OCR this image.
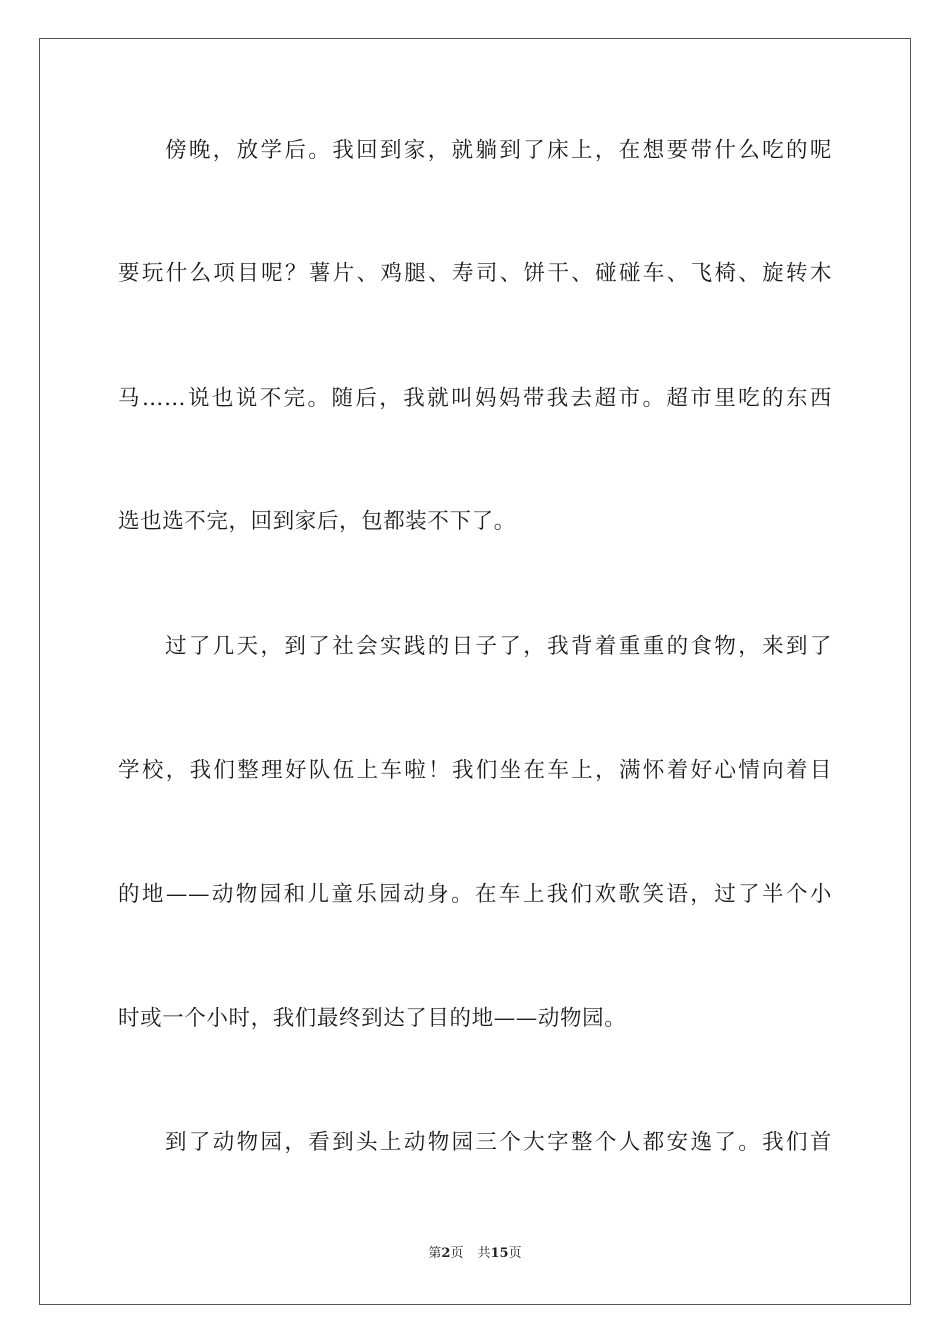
傍晚，放学后。我回到家，就躺到了床上，在想要带什么吃的呢
要玩什么项目呢？薯片、鸡腿、寿司、饼干、碰碰车、飞椅、旋转木
马……说也说不完。随后，我就叫妈妈带我去超市。超市里吃的东西
选也选不完，回到家后，包都装不下了。
过了几天，到了社会实践的日子了，我背着重重的食物，来到了
学校，我们整理好队伍上车啦！我们坐在车上，满怀着好心情向着目
的地——动物园和儿童乐园动身。在车上我们欢歌笑语，过了半个小
时或一个小时，我们最终到达了目的地——动物园。
到了动物园，看到头上动物园三个大字整个人都安逸了。我们首
第2页 共15页
